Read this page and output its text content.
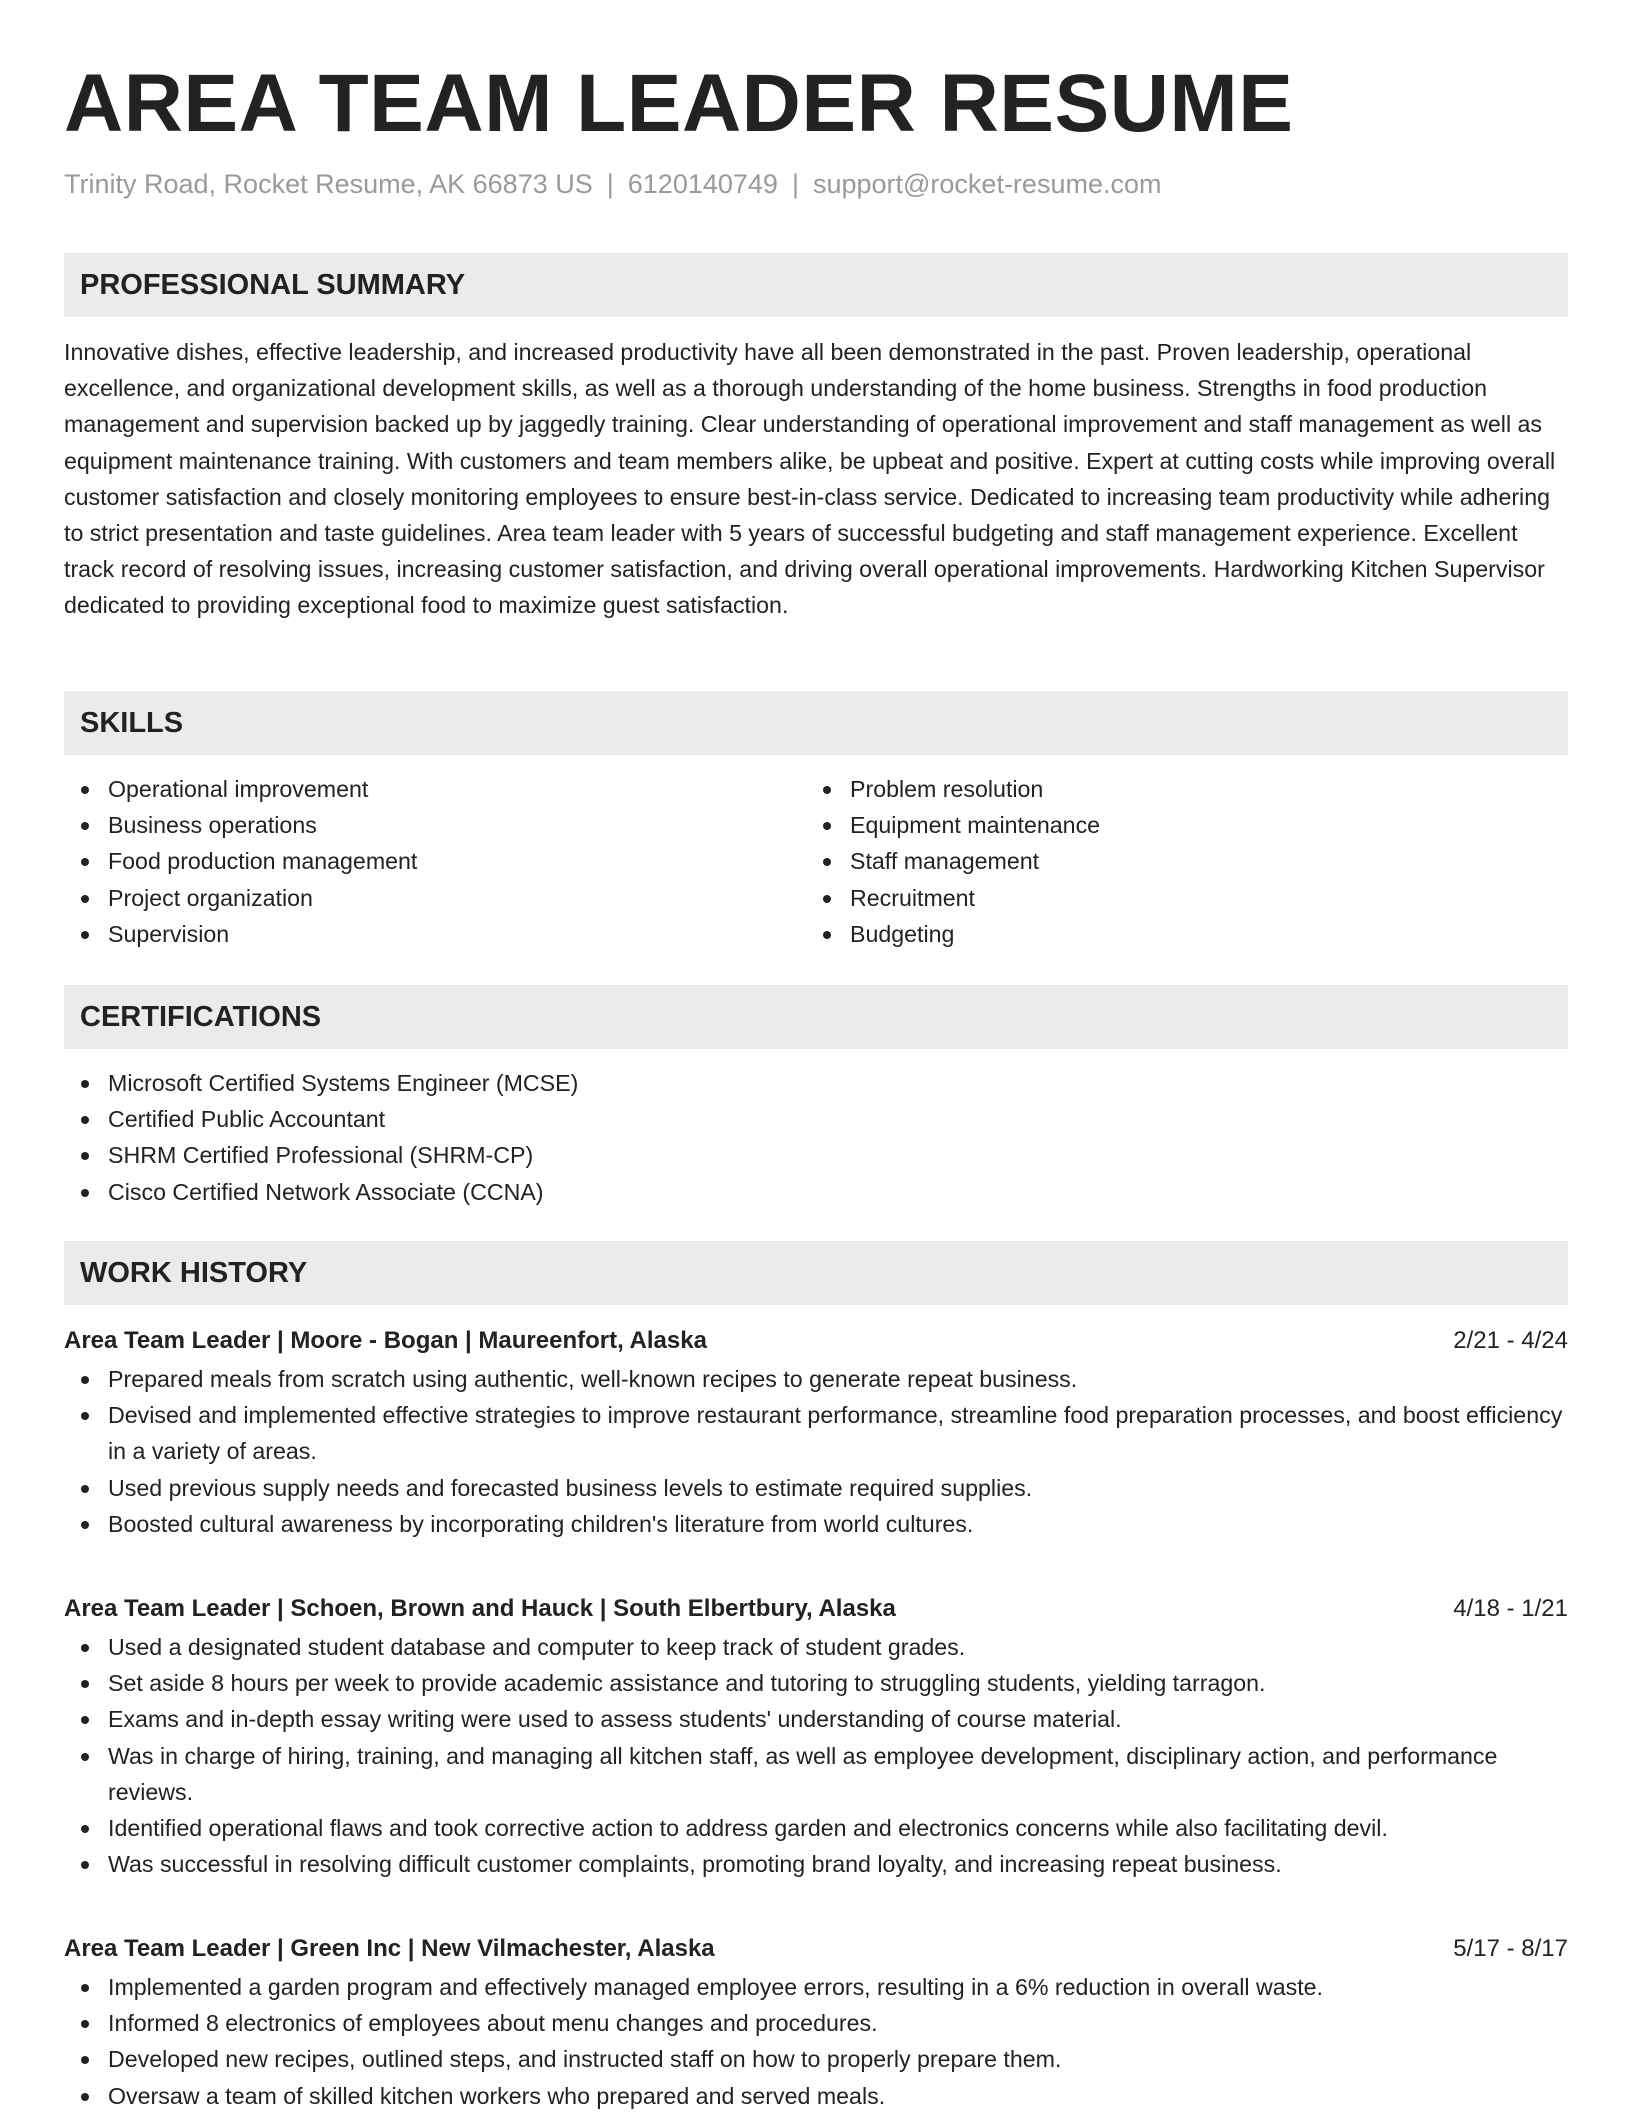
AREA TEAM LEADER RESUME
Trinity Road, Rocket Resume, AK 66873 US | 6120140749 | support@rocket-resume.com
PROFESSIONAL SUMMARY

Innovative dishes, effective leadership, and increased productivity have all been demonstrated in the past. Proven leadership, operational excellence, and organizational development skills, as well as a thorough understanding of the home business. Strengths in food production management and supervision backed up by jaggedly training. Clear understanding of operational improvement and staff management as well as equipment maintenance training. With customers and team members alike, be upbeat and positive. Expert at cutting costs while improving overall customer satisfaction and closely monitoring employees to ensure best-in-class service. Dedicated to increasing team productivity while adhering to strict presentation and taste guidelines. Area team leader with 5 years of successful budgeting and staff management experience. Excellent track record of resolving issues, increasing customer satisfaction, and driving overall operational improvements. Hardworking Kitchen Supervisor dedicated to providing exceptional food to maximize guest satisfaction.

SKILLS
Operational improvement
Business operations
Food production management
Project organization
Supervision
Problem resolution
Equipment maintenance
Staff management
Recruitment
Budgeting
CERTIFICATIONS
Microsoft Certified Systems Engineer (MCSE)
Certified Public Accountant
SHRM Certified Professional (SHRM-CP)
Cisco Certified Network Associate (CCNA)
WORK HISTORY
Area Team Leader | Moore - Bogan | Maureenfort, Alaska	2/21 - 4/24
Prepared meals from scratch using authentic, well-known recipes to generate repeat business.
Devised and implemented effective strategies to improve restaurant performance, streamline food preparation processes, and boost efficiency in a variety of areas.
Used previous supply needs and forecasted business levels to estimate required supplies.
Boosted cultural awareness by incorporating children's literature from world cultures.
Area Team Leader | Schoen, Brown and Hauck | South Elbertbury, Alaska	4/18 - 1/21
Used a designated student database and computer to keep track of student grades.
Set aside 8 hours per week to provide academic assistance and tutoring to struggling students, yielding tarragon.
Exams and in-depth essay writing were used to assess students' understanding of course material.
Was in charge of hiring, training, and managing all kitchen staff, as well as employee development, disciplinary action, and performance reviews.
Identified operational flaws and took corrective action to address garden and electronics concerns while also facilitating devil.
Was successful in resolving difficult customer complaints, promoting brand loyalty, and increasing repeat business.
Area Team Leader | Green Inc | New Vilmachester, Alaska	5/17 - 8/17
Implemented a garden program and effectively managed employee errors, resulting in a 6% reduction in overall waste.
Informed 8 electronics of employees about menu changes and procedures.
Developed new recipes, outlined steps, and instructed staff on how to properly prepare them.
Oversaw a team of skilled kitchen workers who prepared and served meals.
